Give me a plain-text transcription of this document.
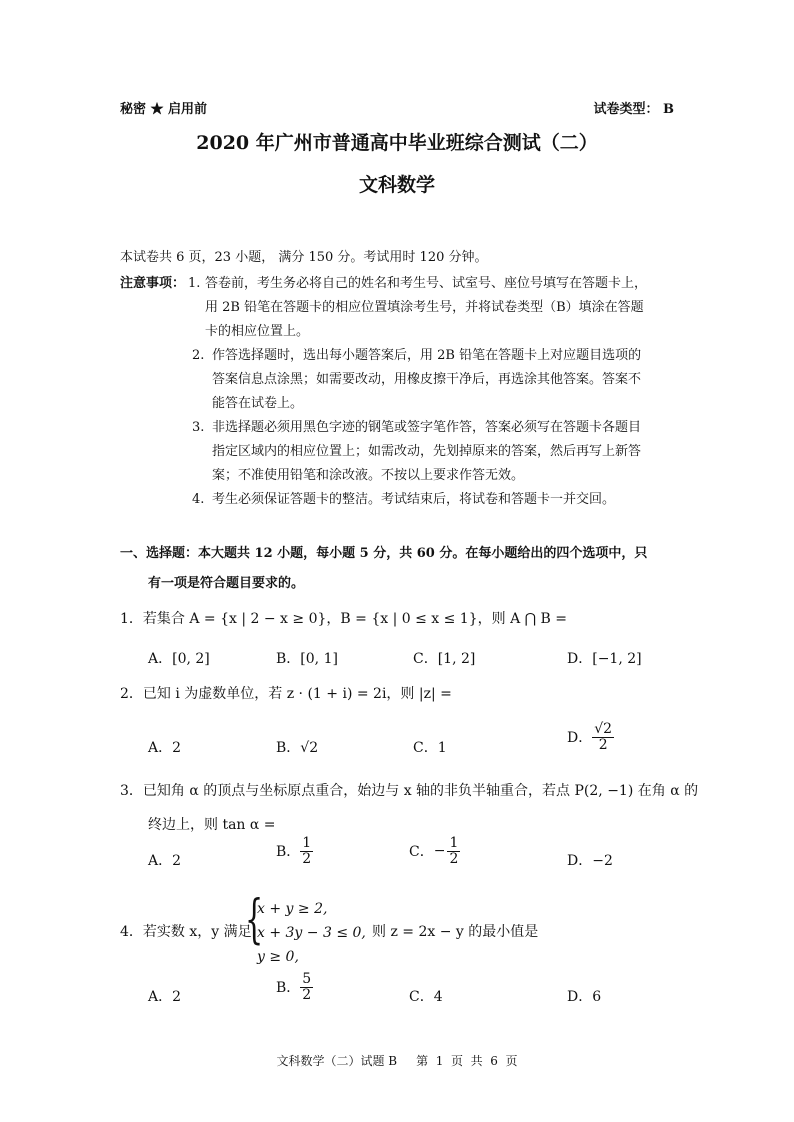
秘密 ★ 启用前	试卷类型： B
2020 年广州市普通高中毕业班综合测试（二）
文科数学
本试卷共 6 页，23 小题， 满分 150 分。考试用时 120 分钟。
注意事项： 1. 答卷前，考生务必将自己的姓名和考生号、试室号、座位号填写在答题卡上，
用 2B 铅笔在答题卡的相应位置填涂考生号，并将试卷类型（B）填涂在答题
卡的相应位置上。
2. 作答选择题时，选出每小题答案后，用 2B 铅笔在答题卡上对应题目选项的
答案信息点涂黑；如需要改动，用橡皮擦干净后，再选涂其他答案。答案不
能答在试卷上。
3. 非选择题必须用黑色字迹的钢笔或签字笔作答，答案必须写在答题卡各题目
指定区域内的相应位置上；如需改动，先划掉原来的答案，然后再写上新答
案；不准使用铅笔和涂改液。不按以上要求作答无效。
4. 考生必须保证答题卡的整洁。考试结束后，将试卷和答题卡一并交回。
一、选择题：本大题共 12 小题，每小题 5 分，共 60 分。在每小题给出的四个选项中，只
有一项是符合题目要求的。
1．若集合 A = {x | 2 − x ≥ 0}，B = {x | 0 ≤ x ≤ 1}，则 A ⋂ B =
A．[0, 2]	B．[0, 1]	C．[1, 2]	D．[−1, 2]
2．已知 i 为虚数单位，若 z · (1 + i) = 2i，则 |z| =
A．2	B．√2	C．1
D． $\frac{√2}{2}$
3．已知角 α 的顶点与坐标原点重合，始边与 x 轴的非负半轴重合，若点 P(2, −1) 在角 α 的
终边上，则 tan α =
A．2
B． $\frac{1}{2}$	C． − $\frac{1}{2}$	D．−2
4．若实数 x，y 满足
{
x + y ≥ 2,
x + 3y − 3 ≤ 0,
y ≥ 0,
则 z = 2x − y 的最小值是
A．2
B． $\frac{5}{2}$	C．4	D．6
文科数学（二）试题 B     第  1  页  共  6  页
